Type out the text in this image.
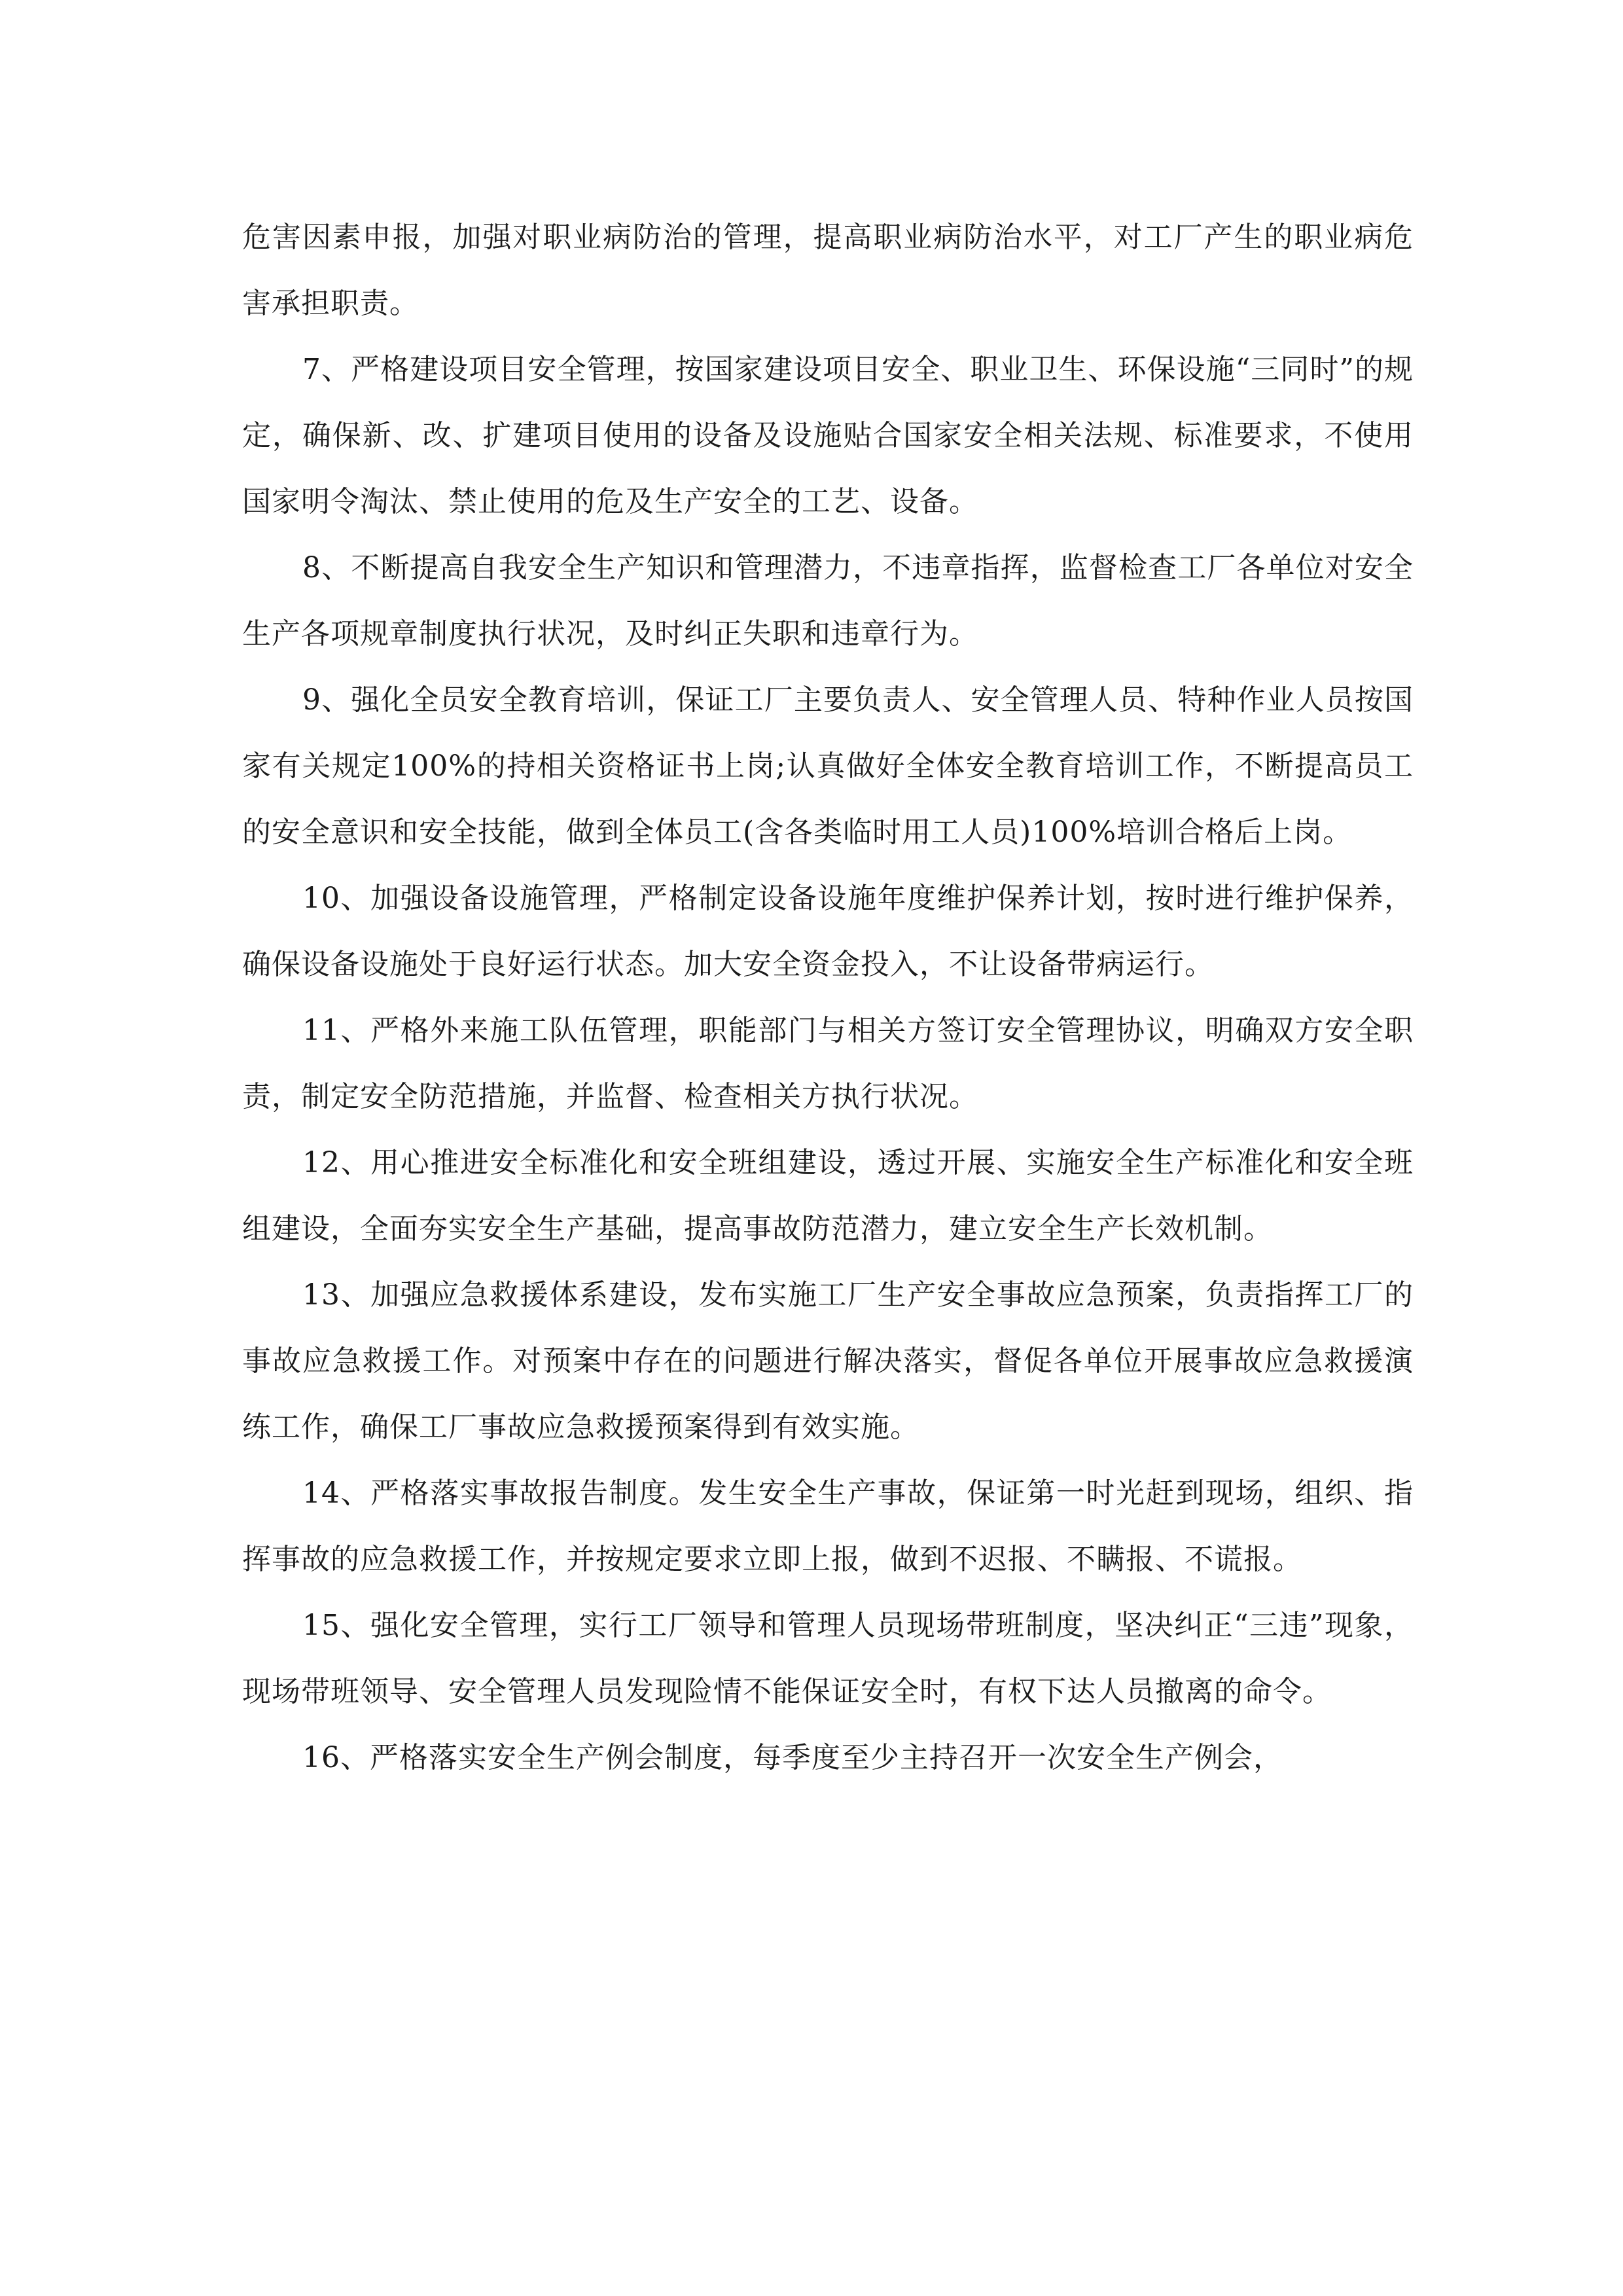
危害因素申报，加强对职业病防治的管理，提高职业病防治水平，对工厂产生的职业病危害承担职责。

7、严格建设项目安全管理，按国家建设项目安全、职业卫生、环保设施“三同时”的规定，确保新、改、扩建项目使用的设备及设施贴合国家安全相关法规、标准要求，不使用国家明令淘汰、禁止使用的危及生产安全的工艺、设备。

8、不断提高自我安全生产知识和管理潜力，不违章指挥，监督检查工厂各单位对安全生产各项规章制度执行状况，及时纠正失职和违章行为。

9、强化全员安全教育培训，保证工厂主要负责人、安全管理人员、特种作业人员按国家有关规定100%的持相关资格证书上岗;认真做好全体安全教育培训工作，不断提高员工的安全意识和安全技能，做到全体员工(含各类临时用工人员)100%培训合格后上岗。

10、加强设备设施管理，严格制定设备设施年度维护保养计划，按时进行维护保养，确保设备设施处于良好运行状态。加大安全资金投入，不让设备带病运行。

11、严格外来施工队伍管理，职能部门与相关方签订安全管理协议，明确双方安全职责，制定安全防范措施，并监督、检查相关方执行状况。

12、用心推进安全标准化和安全班组建设，透过开展、实施安全生产标准化和安全班组建设，全面夯实安全生产基础，提高事故防范潜力，建立安全生产长效机制。

13、加强应急救援体系建设，发布实施工厂生产安全事故应急预案，负责指挥工厂的事故应急救援工作。对预案中存在的问题进行解决落实，督促各单位开展事故应急救援演练工作，确保工厂事故应急救援预案得到有效实施。

14、严格落实事故报告制度。发生安全生产事故，保证第一时光赶到现场，组织、指挥事故的应急救援工作，并按规定要求立即上报，做到不迟报、不瞒报、不谎报。

15、强化安全管理，实行工厂领导和管理人员现场带班制度，坚决纠正“三违”现象，现场带班领导、安全管理人员发现险情不能保证安全时，有权下达人员撤离的命令。

16、严格落实安全生产例会制度，每季度至少主持召开一次安全生产例会，
